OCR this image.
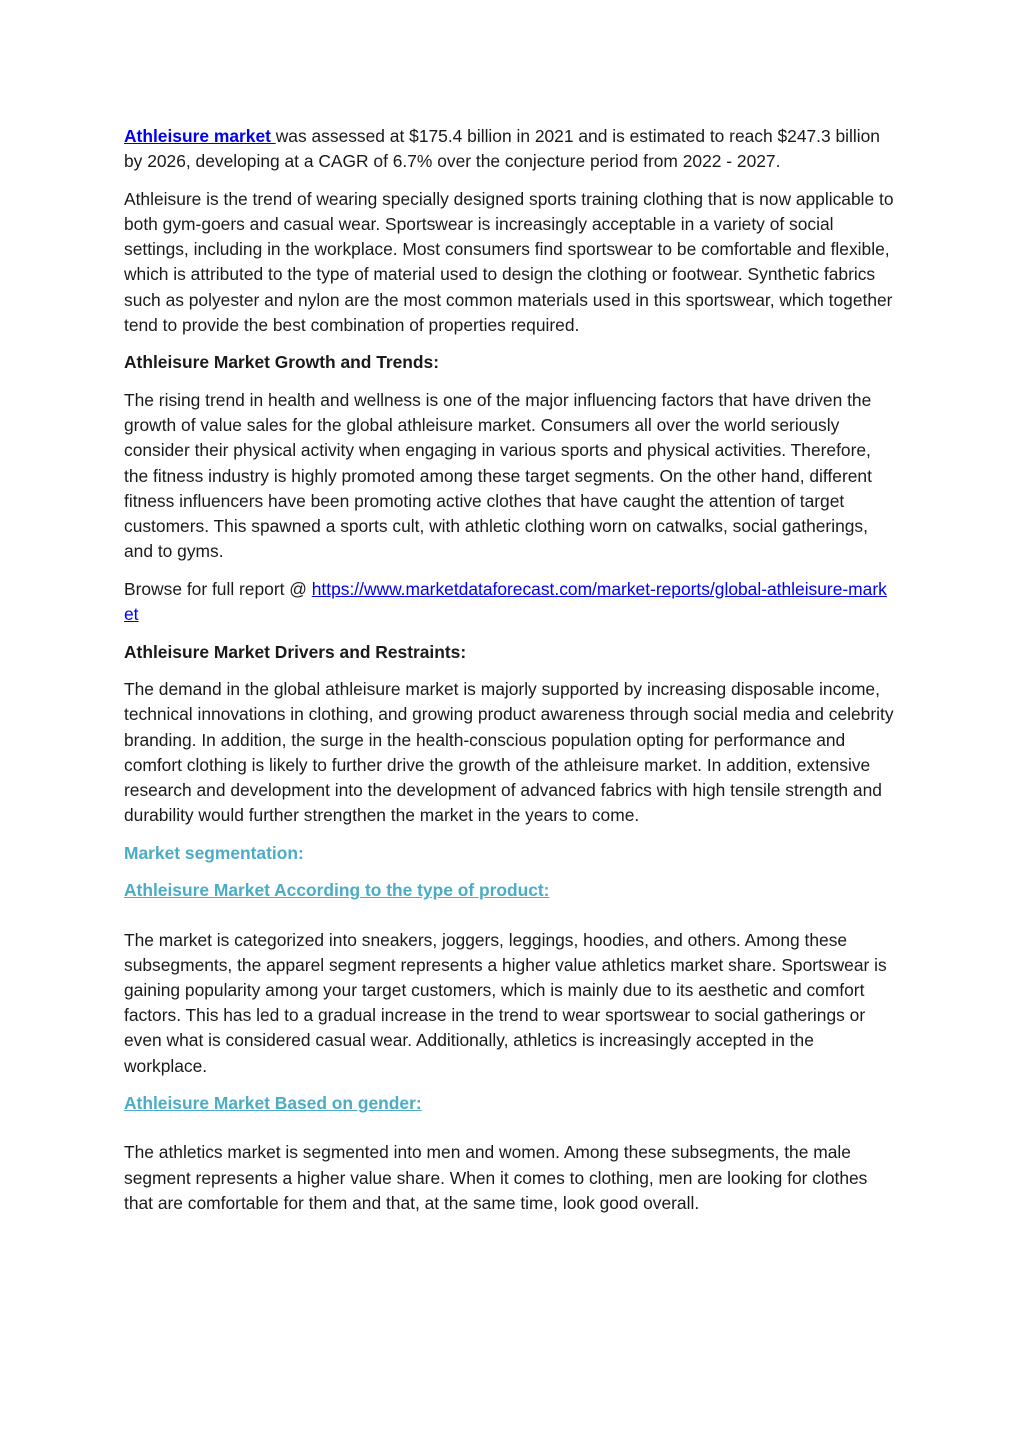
Athleisure market was assessed at $175.4 billion in 2021 and is estimated to reach $247.3 billion by 2026, developing at a CAGR of 6.7% over the conjecture period from 2022 - 2027.

Athleisure is the trend of wearing specially designed sports training clothing that is now applicable to both gym-goers and casual wear. Sportswear is increasingly acceptable in a variety of social settings, including in the workplace. Most consumers find sportswear to be comfortable and flexible, which is attributed to the type of material used to design the clothing or footwear. Synthetic fabrics such as polyester and nylon are the most common materials used in this sportswear, which together tend to provide the best combination of properties required.

Athleisure Market Growth and Trends:

The rising trend in health and wellness is one of the major influencing factors that have driven the growth of value sales for the global athleisure market. Consumers all over the world seriously consider their physical activity when engaging in various sports and physical activities. Therefore, the fitness industry is highly promoted among these target segments. On the other hand, different fitness influencers have been promoting active clothes that have caught the attention of target customers. This spawned a sports cult, with athletic clothing worn on catwalks, social gatherings, and to gyms.

Browse for full report @ https://www.marketdataforecast.com/market-reports/global-athleisure-market

Athleisure Market Drivers and Restraints:

The demand in the global athleisure market is majorly supported by increasing disposable income, technical innovations in clothing, and growing product awareness through social media and celebrity branding. In addition, the surge in the health-conscious population opting for performance and comfort clothing is likely to further drive the growth of the athleisure market. In addition, extensive research and development into the development of advanced fabrics with high tensile strength and durability would further strengthen the market in the years to come.

Market segmentation:

Athleisure Market According to the type of product:

The market is categorized into sneakers, joggers, leggings, hoodies, and others. Among these subsegments, the apparel segment represents a higher value athletics market share. Sportswear is gaining popularity among your target customers, which is mainly due to its aesthetic and comfort factors. This has led to a gradual increase in the trend to wear sportswear to social gatherings or even what is considered casual wear. Additionally, athletics is increasingly accepted in the workplace.

Athleisure Market Based on gender:

The athletics market is segmented into men and women. Among these subsegments, the male segment represents a higher value share. When it comes to clothing, men are looking for clothes that are comfortable for them and that, at the same time, look good overall.
